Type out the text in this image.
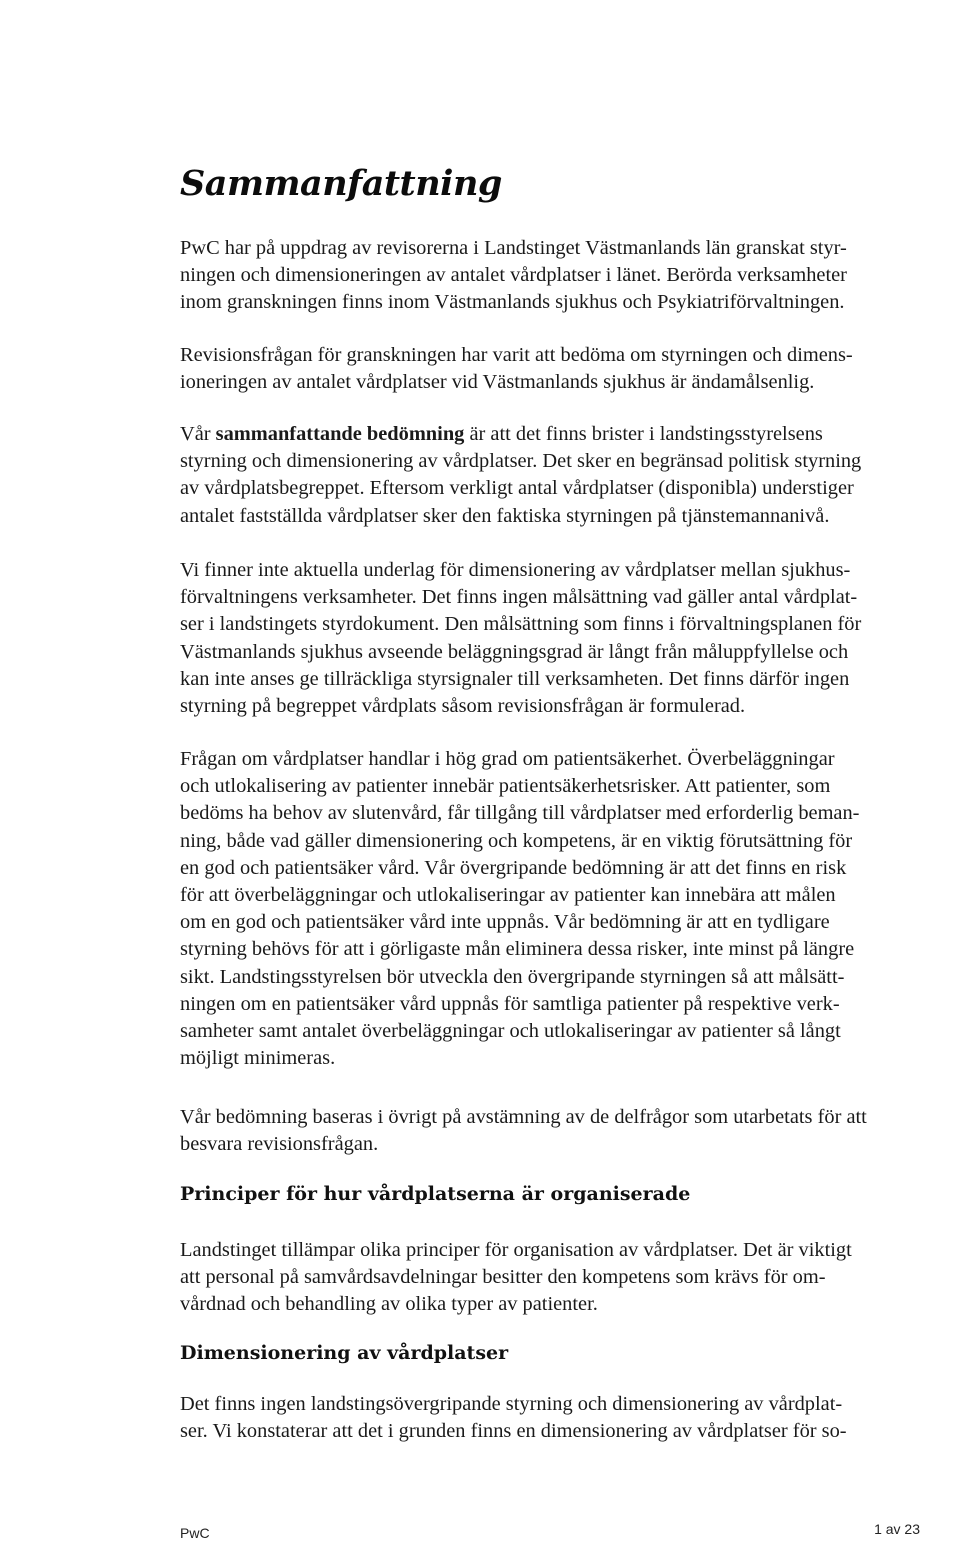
Sammanfattning
PwC har på uppdrag av revisorerna i Landstinget Västmanlands län granskat styr-
ningen och dimensioneringen av antalet vårdplatser i länet. Berörda verksamheter
inom granskningen finns inom Västmanlands sjukhus och Psykiatriförvaltningen.
Revisionsfrågan för granskningen har varit att bedöma om styrningen och dimens-
ioneringen av antalet vårdplatser vid Västmanlands sjukhus är ändamålsenlig.
Vår sammanfattande bedömning är att det finns brister i landstingsstyrelsens
styrning och dimensionering av vårdplatser. Det sker en begränsad politisk styrning
av vårdplatsbegreppet. Eftersom verkligt antal vårdplatser (disponibla) understiger
antalet fastställda vårdplatser sker den faktiska styrningen på tjänstemannanivå.
Vi finner inte aktuella underlag för dimensionering av vårdplatser mellan sjukhus-
förvaltningens verksamheter. Det finns ingen målsättning vad gäller antal vårdplat-
ser i landstingets styrdokument. Den målsättning som finns i förvaltningsplanen för
Västmanlands sjukhus avseende beläggningsgrad är långt från måluppfyllelse och
kan inte anses ge tillräckliga styrsignaler till verksamheten. Det finns därför ingen
styrning på begreppet vårdplats såsom revisionsfrågan är formulerad.
Frågan om vårdplatser handlar i hög grad om patientsäkerhet. Överbeläggningar
och utlokalisering av patienter innebär patientsäkerhetsrisker. Att patienter, som
bedöms ha behov av slutenvård, får tillgång till vårdplatser med erforderlig beman-
ning, både vad gäller dimensionering och kompetens, är en viktig förutsättning för
en god och patientsäker vård. Vår övergripande bedömning är att det finns en risk
för att överbeläggningar och utlokaliseringar av patienter kan innebära att målen
om en god och patientsäker vård inte uppnås. Vår bedömning är att en tydligare
styrning behövs för att i görligaste mån eliminera dessa risker, inte minst på längre
sikt. Landstingsstyrelsen bör utveckla den övergripande styrningen så att målsätt-
ningen om en patientsäker vård uppnås för samtliga patienter på respektive verk-
samheter samt antalet överbeläggningar och utlokaliseringar av patienter så långt
möjligt minimeras.
Vår bedömning baseras i övrigt på avstämning av de delfrågor som utarbetats för att
besvara revisionsfrågan.
Principer för hur vårdplatserna är organiserade
Landstinget tillämpar olika principer för organisation av vårdplatser. Det är viktigt
att personal på samvårdsavdelningar besitter den kompetens som krävs för om-
vårdnad och behandling av olika typer av patienter.
Dimensionering av vårdplatser
Det finns ingen landstingsövergripande styrning och dimensionering av vårdplat-
ser. Vi konstaterar att det i grunden finns en dimensionering av vårdplatser för so-
PwC	1 av 23
